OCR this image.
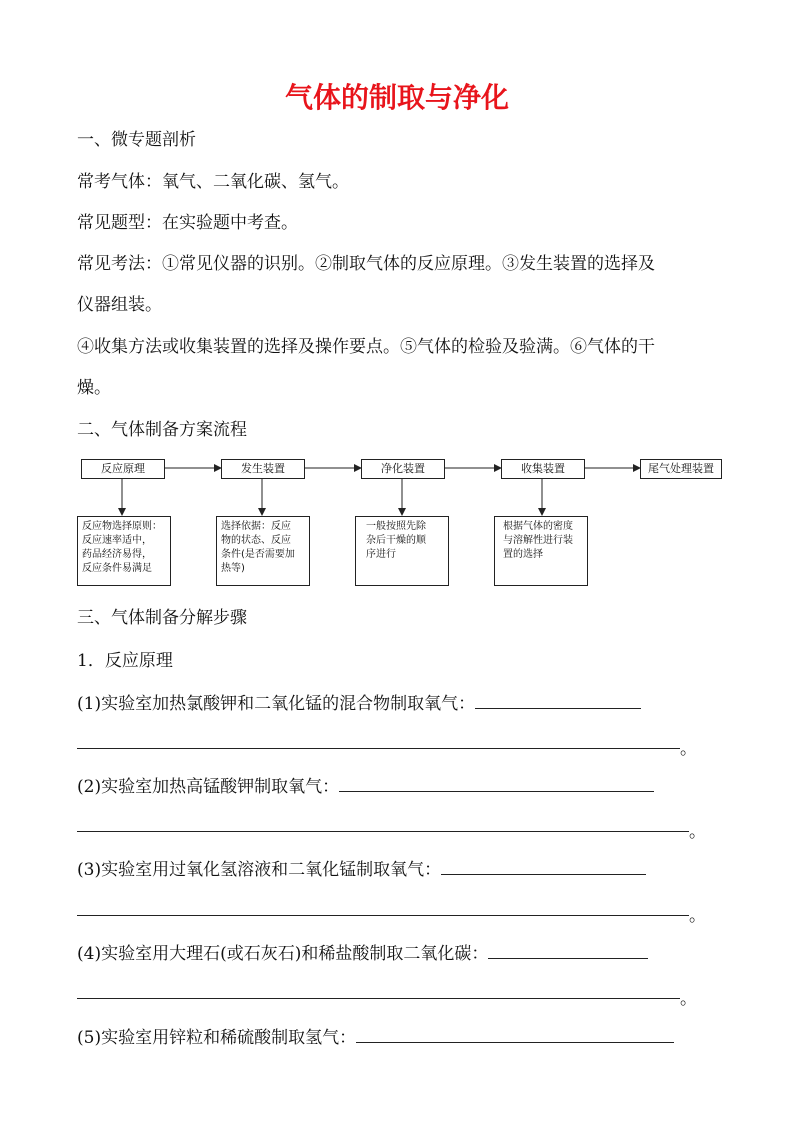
气体的制取与净化
一、微专题剖析
常考气体：氧气、二氧化碳、氢气。
常见题型：在实验题中考查。
常见考法：①常见仪器的识别。②制取气体的反应原理。③发生装置的选择及
仪器组装。
④收集方法或收集装置的选择及操作要点。⑤气体的检验及验满。⑥气体的干
燥。
二、气体制备方案流程
反应原理	发生装置	净化装置	收集装置	尾气处理装置
反应物选择原则：
反应速率适中，
药品经济易得，
反应条件易满足
选择依据：反应
物的状态、反应
条件(是否需要加
热等)
一般按照先除
杂后干燥的顺
序进行
根据气体的密度
与溶解性进行装
置的选择
三、气体制备分解步骤
1．反应原理
(1)实验室加热氯酸钾和二氧化锰的混合物制取氧气：
。
(2)实验室加热高锰酸钾制取氧气：
。
(3)实验室用过氧化氢溶液和二氧化锰制取氧气：
。
(4)实验室用大理石(或石灰石)和稀盐酸制取二氧化碳：
。
(5)实验室用锌粒和稀硫酸制取氢气：
